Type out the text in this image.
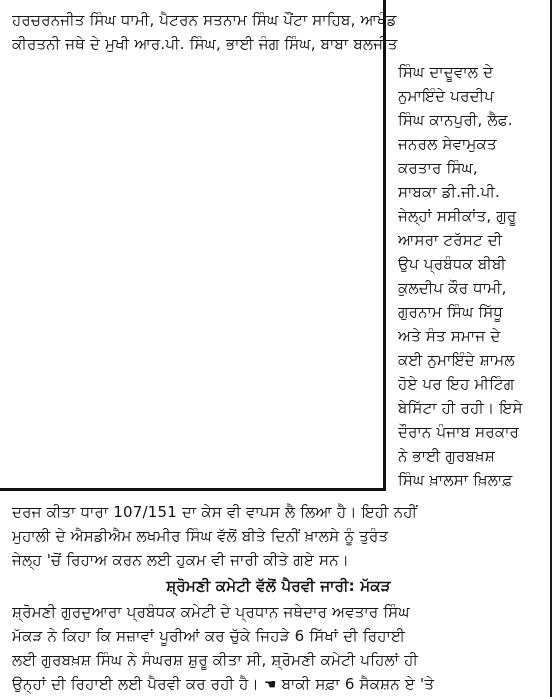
ਹਰਚਰਨਜੀਤ ਸਿੰਘ ਧਾਮੀ, ਪੈਟਰਨ ਸਤਨਾਮ ਸਿੰਘ ਪੌਂਟਾ ਸਾਹਿਬ, ਆਖੰਡ
ਕੀਰਤਨੀ ਜਥੇ ਦੇ ਮੁਖੀ ਆਰ.ਪੀ. ਸਿੰਘ, ਭਾਈ ਜੰਗ ਸਿੰਘ, ਬਾਬਾ ਬਲਜੀਤ
ਸਿੰਘ ਦਾਦੂਵਾਲ ਦੇ
ਨੁਮਾਇੰਦੇ ਪਰਦੀਪ
ਸਿੰਘ ਕਾਨਪੁਰੀ, ਲੈਫ.
ਜਨਰਲ ਸੇਵਾਮੁਕਤ
ਕਰਤਾਰ ਸਿੰਘ,
ਸਾਬਕਾ ਡੀ.ਜੀ.ਪੀ.
ਜੇਲ੍ਹਾਂ ਸਸੀਕਾਂਤ, ਗੁਰੂ
ਆਸਰਾ ਟਰੱਸਟ ਦੀ
ਉਪ ਪ੍ਰਬੰਧਕ ਬੀਬੀ
ਕੁਲਦੀਪ ਕੌਰ ਧਾਮੀ,
ਗੁਰਨਾਮ ਸਿੰਘ ਸਿੱਧੂ
ਅਤੇ ਸੰਤ ਸਮਾਜ ਦੇ
ਕਈ ਨੁਮਾਇੰਦੇ ਸ਼ਾਮਲ
ਹੋਏ ਪਰ ਇਹ ਮੀਟਿੰਗ
ਬੇਸਿੱਟਾ ਹੀ ਰਹੀ। ਇਸੇ
ਦੌਰਾਨ ਪੰਜਾਬ ਸਰਕਾਰ
ਨੇ ਭਾਈ ਗੁਰਬਖ਼ਸ਼
ਸਿੰਘ ਖ਼ਾਲਸਾ ਖ਼ਿਲਾਫ਼
ਦਰਜ ਕੀਤਾ ਧਾਰਾ 107/151 ਦਾ ਕੇਸ ਵੀ ਵਾਪਸ ਲੈ ਲਿਆ ਹੈ। ਇਹੀ ਨਹੀਂ
ਮੁਹਾਲੀ ਦੇ ਐਸਡੀਐਮ ਲਖਮੀਰ ਸਿੰਘ ਵੱਲੋਂ ਬੀਤੇ ਦਿਨੀਂ ਖ਼ਾਲਸੇ ਨੂੰ ਤੁਰੰਤ
ਜੇਲ੍ਹ 'ਚੋਂ ਰਿਹਾਅ ਕਰਨ ਲਈ ਹੁਕਮ ਵੀ ਜਾਰੀ ਕੀਤੇ ਗਏ ਸਨ।
ਸ਼੍ਰੋਮਣੀ ਕਮੇਟੀ ਵੱਲੋਂ ਪੈਰਵੀ ਜਾਰੀ: ਮੱਕੜ
ਸ਼੍ਰੋਮਣੀ ਗੁਰਦੁਆਰਾ ਪ੍ਰਬੰਧਕ ਕਮੇਟੀ ਦੇ ਪ੍ਰਧਾਨ ਜਥੇਦਾਰ ਅਵਤਾਰ ਸਿੰਘ
ਮੱਕੜ ਨੇ ਕਿਹਾ ਕਿ ਸਜ਼ਾਵਾਂ ਪੂਰੀਆਂ ਕਰ ਚੁੱਕੇ ਜਿਹੜੇ 6 ਸਿੱਖਾਂ ਦੀ ਰਿਹਾਈ
ਲਈ ਗੁਰਬਖ਼ਸ਼ ਸਿੰਘ ਨੇ ਸੰਘਰਸ਼ ਸ਼ੁਰੂ ਕੀਤਾ ਸੀ, ਸ਼੍ਰੋਮਣੀ ਕਮੇਟੀ ਪਹਿਲਾਂ ਹੀ
ਉਨ੍ਹਾਂ ਦੀ ਰਿਹਾਈ ਲਈ ਪੈਰਵੀ ਕਰ ਰਹੀ ਹੈ। ☚ ਬਾਕੀ ਸਫ਼ਾ 6 ਸੈਕਸ਼ਨ ਏ 'ਤੇ
